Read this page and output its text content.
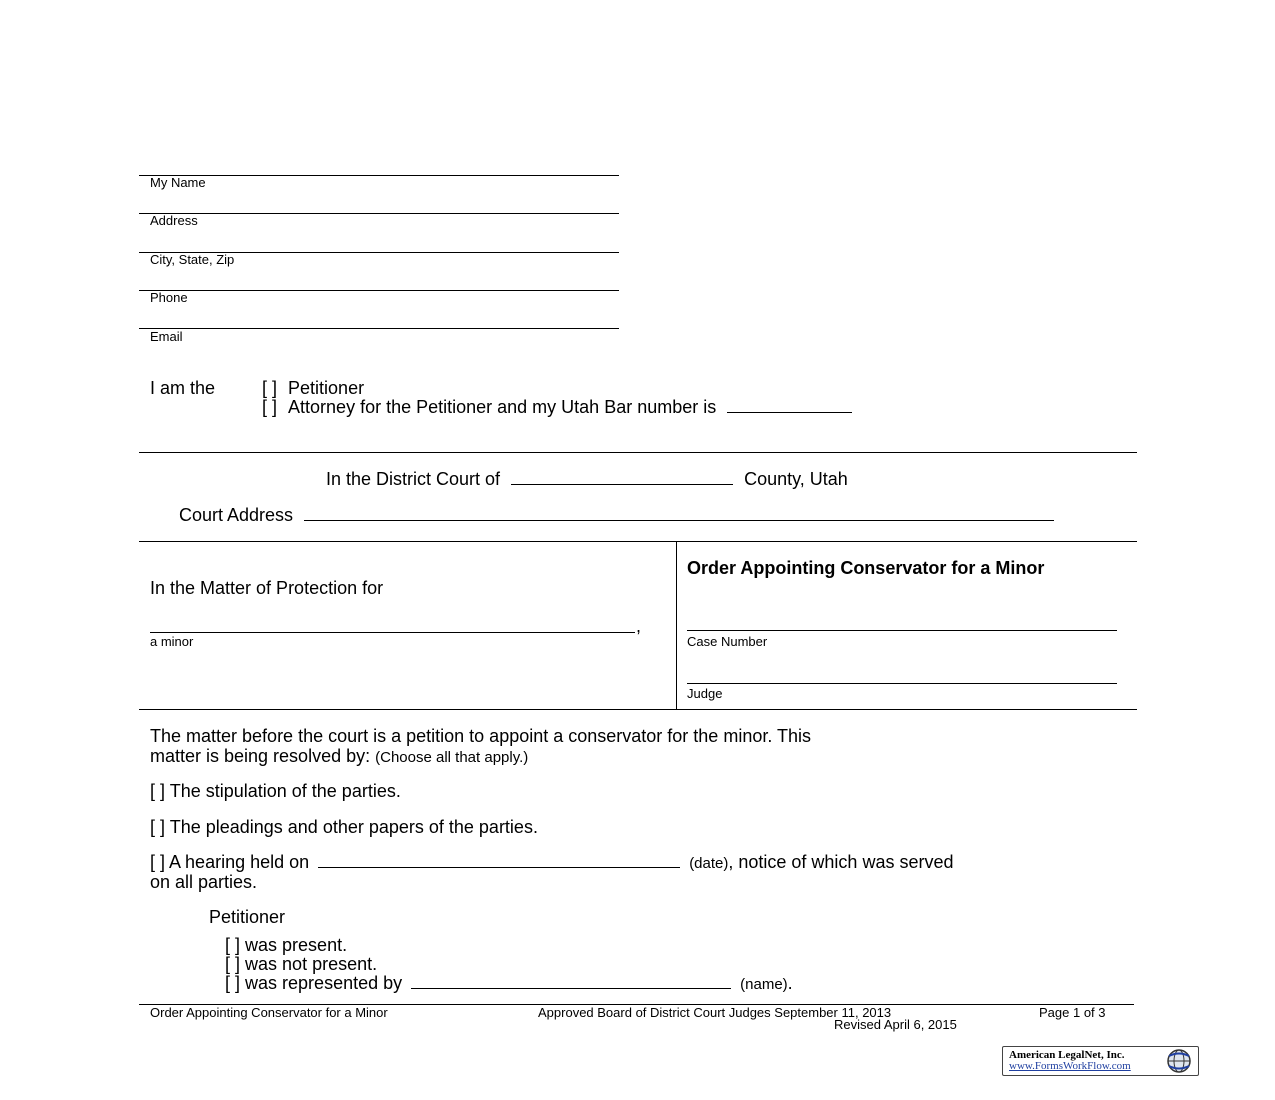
My Name
Address
City, State, Zip
Phone
Email
I am the	[ ] Petitioner
[ ] Attorney for the Petitioner and my Utah Bar number is
In the District Court of	County, Utah
Court Address
In the Matter of Protection for
,
a minor
Order Appointing Conservator for a Minor
Case Number
Judge
The matter before the court is a petition to appoint a conservator for the minor. This
matter is being resolved by: (Choose all that apply.)
[ ] The stipulation of the parties.
[ ] The pleadings and other papers of the parties.
[ ] A hearing held on	(date), notice of which was served
on all parties.
Petitioner
[ ] was present.
[ ] was not present.
[ ] was represented by	(name).
Order Appointing Conservator for a Minor	Approved Board of District Court Judges September 11, 2013
Revised April 6, 2015
Page 1 of 3
American LegalNet, Inc.
www.FormsWorkFlow.com
